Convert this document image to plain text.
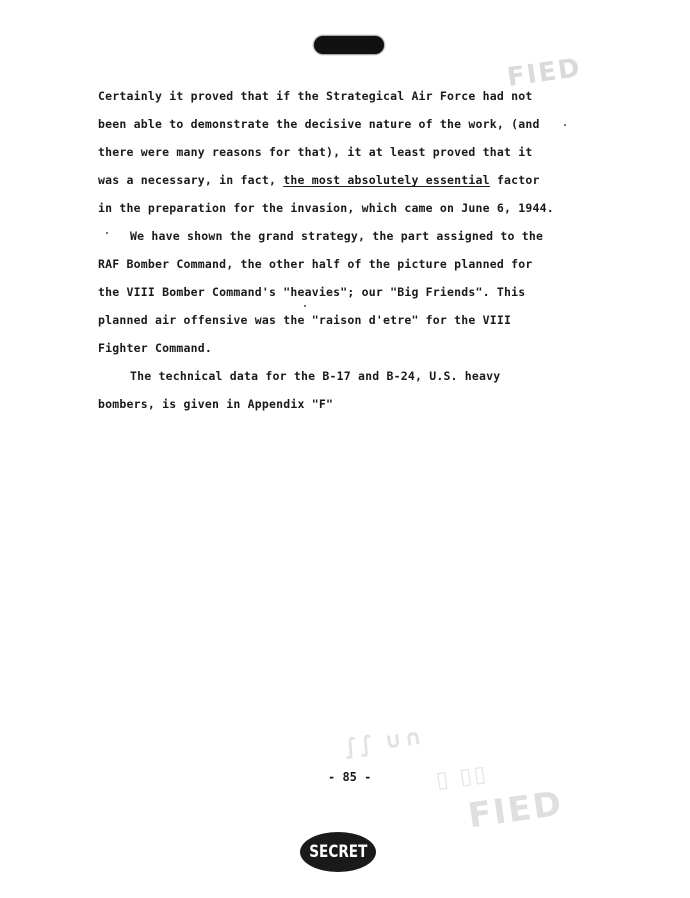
FIED
Certainly it proved that if the Strategical Air Force had not
been able to demonstrate the decisive nature of the work, (and
there were many reasons for that), it at least proved that it
was a necessary, in fact, the most absolutely essential factor
in the preparation for the invasion, which came on June 6, 1944.
We have shown the grand strategy, the part assigned to the
RAF Bomber Command, the other half of the picture planned for
the VIII Bomber Command's "heavies"; our "Big Friends". This
planned air offensive was the "raison d'etre" for the VIII
Fighter Command.
The technical data for the B-17 and B-24, U.S. heavy
bombers, is given in Appendix "F"
∫∫ ∪∩
▯ ▯▯
FIED
- 85 -
SECRET
